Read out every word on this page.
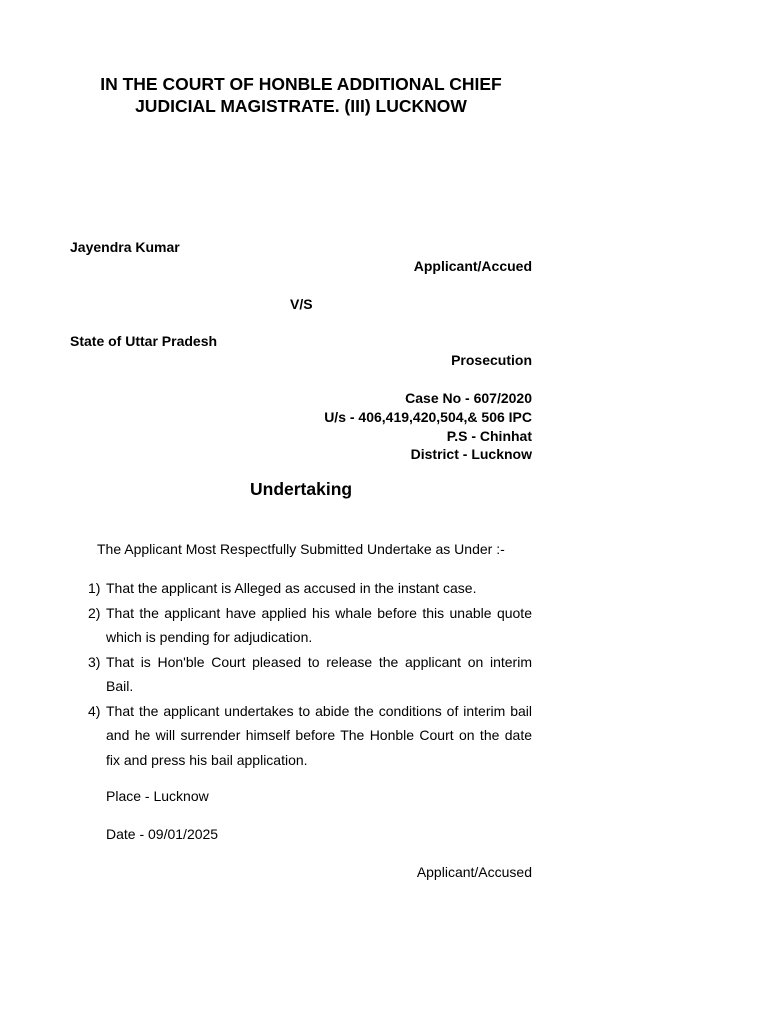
IN THE COURT OF HONBLE ADDITIONAL CHIEF
JUDICIAL MAGISTRATE. (III) LUCKNOW
Jayendra Kumar
Applicant/Accued
V/S
State of Uttar Pradesh
Prosecution
Case No - 607/2020
U/s - 406,419,420,504,& 506 IPC
P.S - Chinhat
District - Lucknow
Undertaking
The Applicant Most Respectfully Submitted Undertake as Under :-
1) That the applicant is Alleged as accused in the instant case.
2) That the applicant have applied his whale before this unable quote which is pending for adjudication.
3) That is Hon'ble Court pleased to release the applicant on interim Bail.
4) That the applicant undertakes to abide the conditions of interim bail and he will surrender himself before The Honble Court on the date fix and press his bail application.
Place - Lucknow
Date - 09/01/2025
Applicant/Accused
